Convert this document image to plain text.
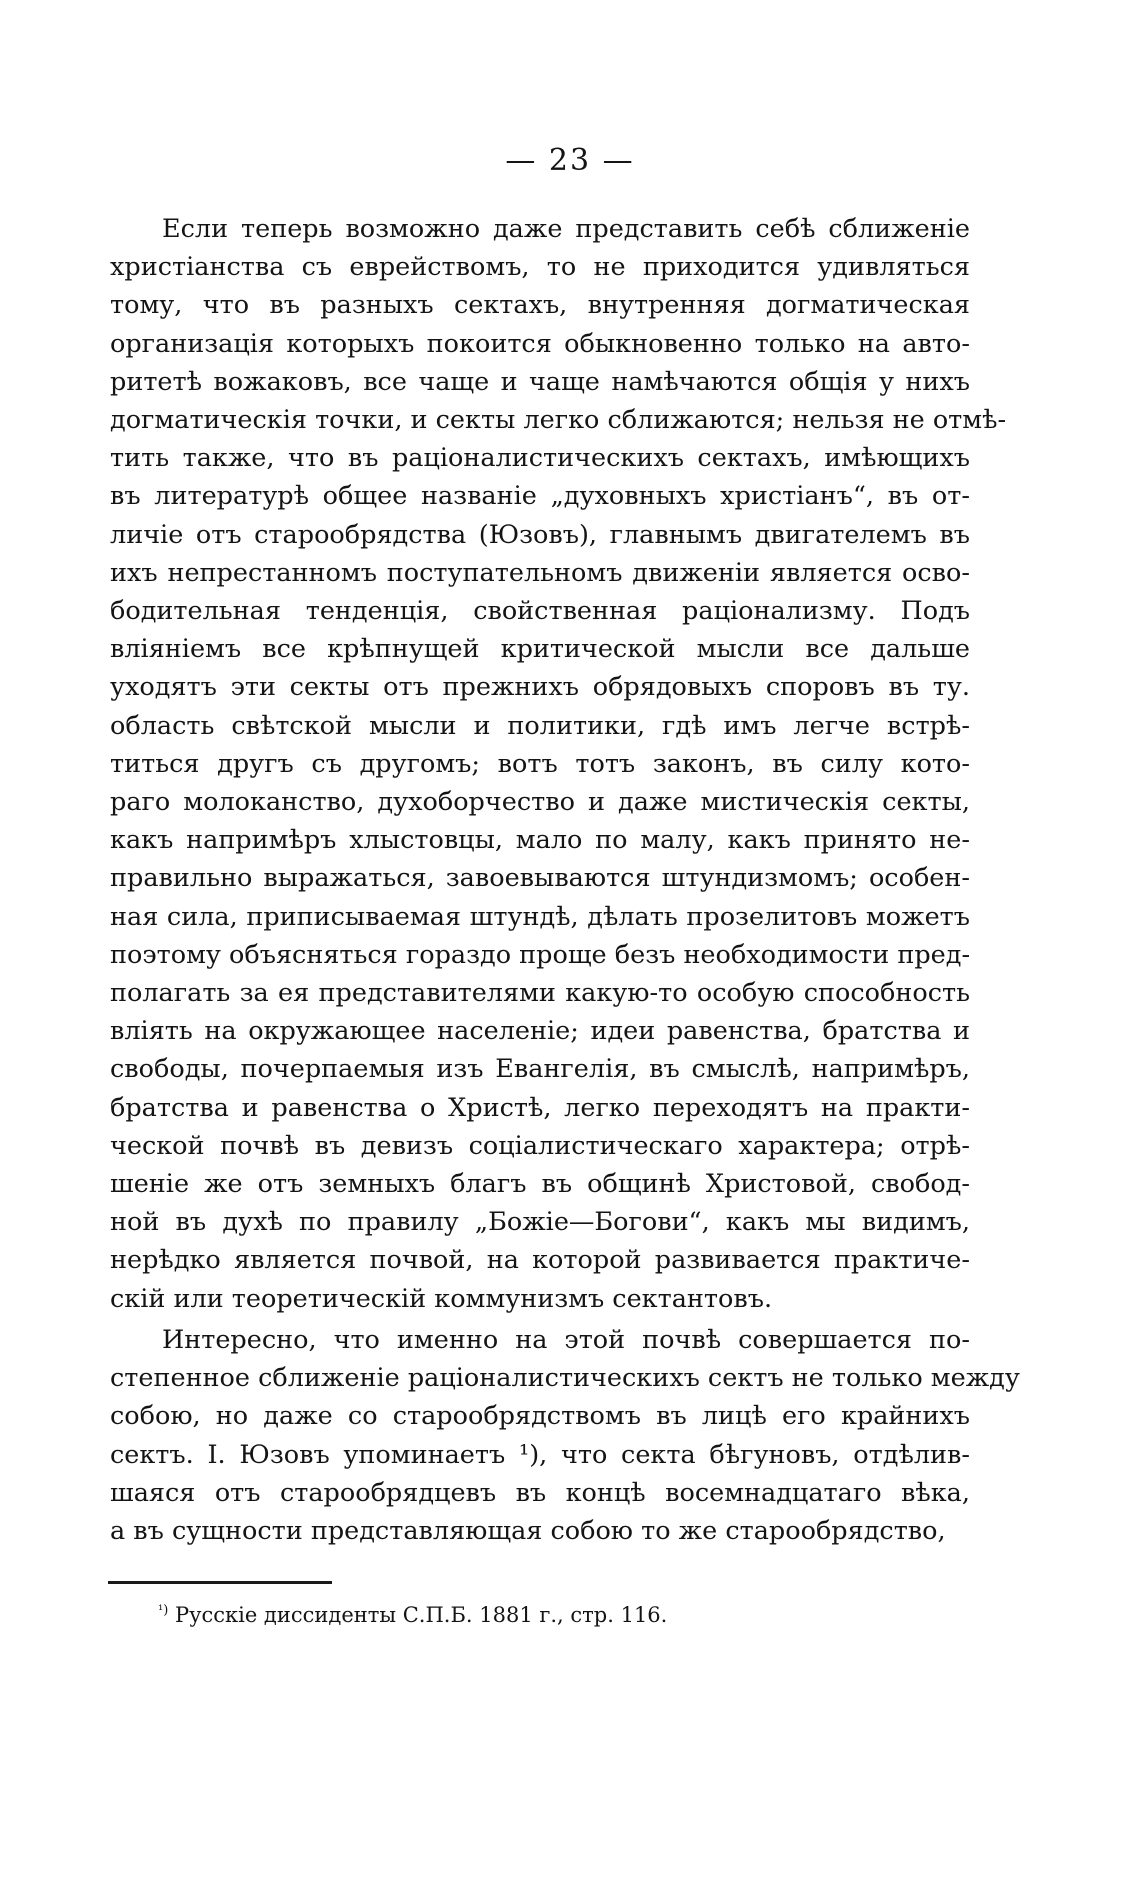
— 23 —
Если теперь возможно даже представить себѣ сближеніе
христіанства съ еврействомъ, то не приходится удивляться
тому, что въ разныхъ сектахъ, внутренняя догматическая
организація которыхъ покоится обыкновенно только на авто-
ритетѣ вожаковъ, все чаще и чаще намѣчаются общія у нихъ
догматическія точки, и секты легко сближаются; нельзя не отмѣ-
тить также, что въ раціоналистическихъ сектахъ, имѣющихъ
въ литературѣ общее названіе „духовныхъ христіанъ“, въ от-
личіе отъ старообрядства (Юзовъ), главнымъ двигателемъ въ
ихъ непрестанномъ поступательномъ движеніи является осво-
бодительная тенденція, свойственная раціонализму. Подъ
вліяніемъ все крѣпнущей критической мысли все дальше
уходятъ эти секты отъ прежнихъ обрядовыхъ споровъ въ ту.
область свѣтской мысли и политики, гдѣ имъ легче встрѣ-
титься другъ съ другомъ; вотъ тотъ законъ, въ силу кото-
раго молоканство, духоборчество и даже мистическія секты,
какъ напримѣръ хлыстовцы, мало по малу, какъ принято не-
правильно выражаться, завоевываются штундизмомъ; особен-
ная сила, приписываемая штундѣ, дѣлать прозелитовъ можетъ
поэтому объясняться гораздо проще безъ необходимости пред-
полагать за ея представителями какую-то особую способность
вліять на окружающее населеніе; идеи равенства, братства и
свободы, почерпаемыя изъ Евангелія, въ смыслѣ, напримѣръ,
братства и равенства о Христѣ, легко переходятъ на практи-
ческой почвѣ въ девизъ соціалистическаго характера; отрѣ-
шеніе же отъ земныхъ благъ въ общинѣ Христовой, свобод-
ной въ духѣ по правилу „Божіе—Богови“, какъ мы видимъ,
нерѣдко является почвой, на которой развивается практиче-
скій или теоретическій коммунизмъ сектантовъ.
Интересно, что именно на этой почвѣ совершается по-
степенное сближеніе раціоналистическихъ сектъ не только между
собою, но даже со старообрядствомъ въ лицѣ его крайнихъ
сектъ. І. Юзовъ упоминаетъ ¹), что секта бѣгуновъ, отдѣлив-
шаяся отъ старообрядцевъ въ концѣ восемнадцатаго вѣка,
а въ сущности представляющая собою то же старообрядство,
$^{^1)}$ Русскіе диссиденты С.П.Б. 1881 г., стр. 116.
